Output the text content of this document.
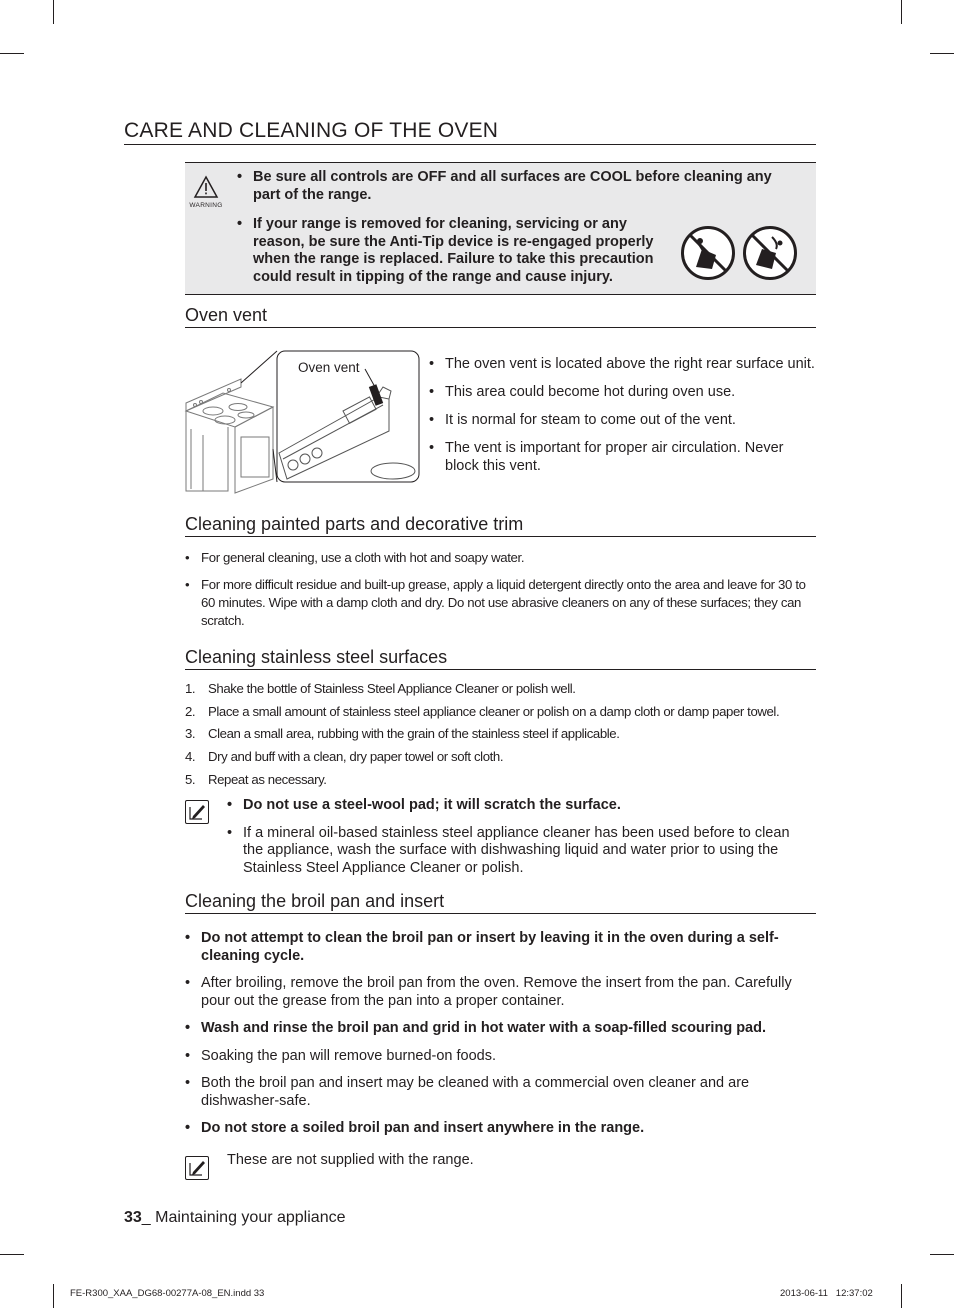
CARE AND CLEANING OF THE OVEN
WARNING
• Be sure all controls are OFF and all surfaces are COOL before cleaning any part of the range.
• If your range is removed for cleaning, servicing or any reason, be sure the Anti-Tip device is re-engaged properly when the range is replaced. Failure to take this precaution could result in tipping of the range and cause injury.
Oven vent
Oven vent	• The oven vent is located above the right rear surface unit.
• This area could become hot during oven use.
• It is normal for steam to come out of the vent.
• The vent is important for proper air circulation. Never block this vent.
Cleaning painted parts and decorative trim
• For general cleaning, use a cloth with hot and soapy water.
• For more difficult residue and built-up grease, apply a liquid detergent directly onto the area and leave for 30 to 60 minutes. Wipe with a damp cloth and dry. Do not use abrasive cleaners on any of these surfaces; they can scratch.
Cleaning stainless steel surfaces
1. Shake the bottle of Stainless Steel Appliance Cleaner or polish well.
2. Place a small amount of stainless steel appliance cleaner or polish on a damp cloth or damp paper towel.
3. Clean a small area, rubbing with the grain of the stainless steel if applicable.
4. Dry and buff with a clean, dry paper towel or soft cloth.
5. Repeat as necessary.
• Do not use a steel-wool pad; it will scratch the surface.
• If a mineral oil-based stainless steel appliance cleaner has been used before to clean the appliance, wash the surface with dishwashing liquid and water prior to using the Stainless Steel Appliance Cleaner or polish.
Cleaning the broil pan and insert
• Do not attempt to clean the broil pan or insert by leaving it in the oven during a self-cleaning cycle.
• After broiling, remove the broil pan from the oven. Remove the insert from the pan. Carefully pour out the grease from the pan into a proper container.
• Wash and rinse the broil pan and grid in hot water with a soap-filled scouring pad.
• Soaking the pan will remove burned-on foods.
• Both the broil pan and insert may be cleaned with a commercial oven cleaner and are dishwasher-safe.
• Do not store a soiled broil pan and insert anywhere in the range.
These are not supplied with the range.
33_ Maintaining your appliance
FE-R300_XAA_DG68-00277A-08_EN.indd 33	2013-06-11   12:37:02
